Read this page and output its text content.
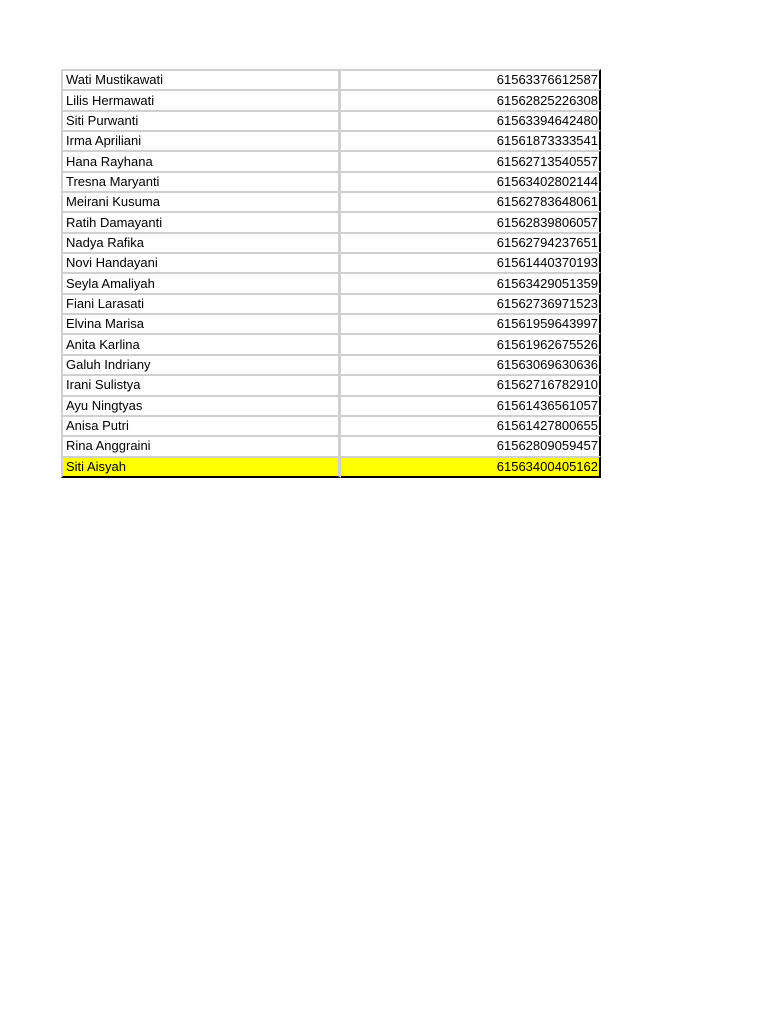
Wati Mustikawati	61563376612587
Lilis Hermawati	61562825226308
Siti Purwanti	61563394642480
Irma Apriliani	61561873333541
Hana Rayhana	61562713540557
Tresna Maryanti	61563402802144
Meirani Kusuma	61562783648061
Ratih Damayanti	61562839806057
Nadya Rafika	61562794237651
Novi Handayani	61561440370193
Seyla Amaliyah	61563429051359
Fiani Larasati	61562736971523
Elvina Marisa	61561959643997
Anita Karlina	61561962675526
Galuh Indriany	61563069630636
Irani Sulistya	61562716782910
Ayu Ningtyas	61561436561057
Anisa Putri	61561427800655
Rina Anggraini	61562809059457
Siti Aisyah	61563400405162
